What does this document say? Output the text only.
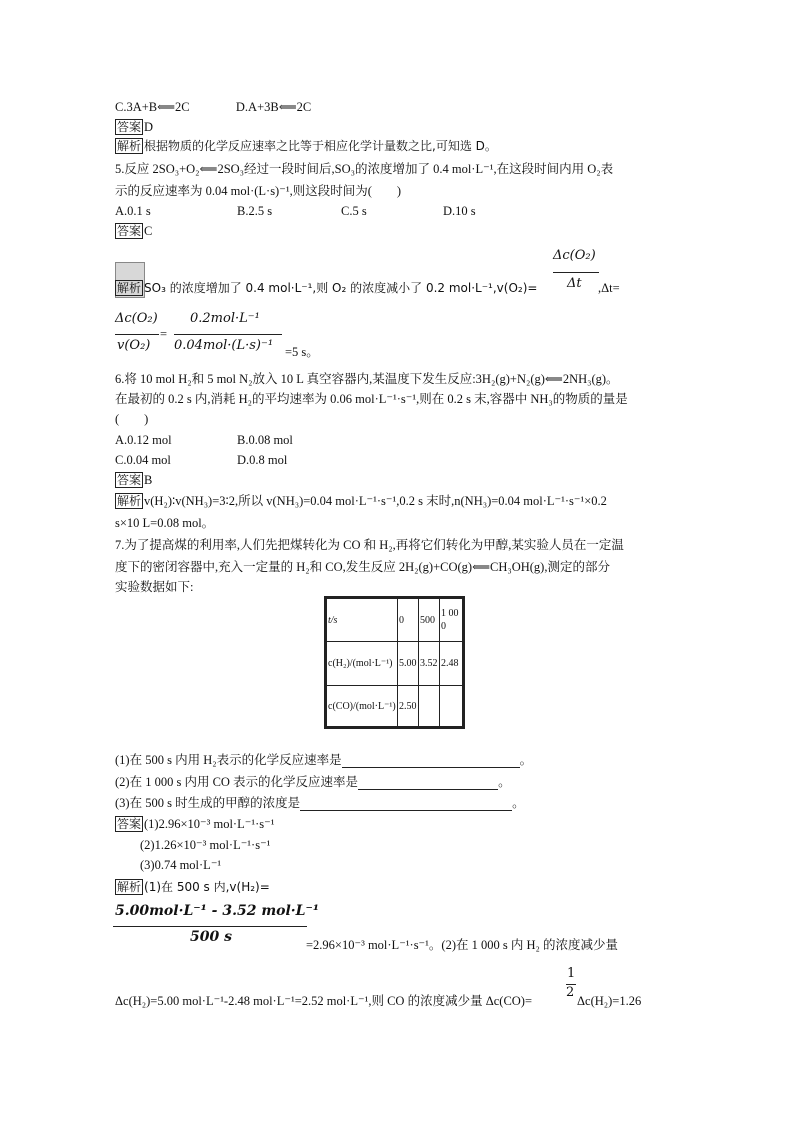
C.3A+B⟸2C	D.A+3B⟸2C
答案 D
解析 根据物质的化学反应速率之比等于相应化学计量数之比,可知选 D。
5.反应 2SO₃+O₂⟸2SO₃经过一段时间后,SO₃的浓度增加了 0.4 mol·L⁻¹,在这段时间内用 O₂表
示的反应速率为 0.04 mol·(L·s)⁻¹,则这段时间为(　　)
A.0.1 s	B.2.5 s	C.5 s	D.10 s
答案 C
解析 SO₃ 的浓度增加了 0.4 mol·L⁻¹,则 O₂ 的浓度减小了 0.2 mol·L⁻¹,v(O₂)=
Δc(O₂)
Δt ,Δt=
Δc(O₂)
v(O₂)
=
0.2mol·L⁻¹
0.04mol·(L·s)⁻¹ =5 s。
6.将 10 mol H₂和 5 mol N₂放入 10 L 真空容器内,某温度下发生反应:3H₂(g)+N₂(g)⟸2NH₃(g)。
在最初的 0.2 s 内,消耗 H₂的平均速率为 0.06 mol·L⁻¹·s⁻¹,则在 0.2 s 末,容器中 NH₃的物质的量是
(　　)
A.0.12 mol	B.0.08 mol
C.0.04 mol	D.0.8 mol
答案 B
解析 v(H₂)∶v(NH₃)=3∶2,所以 v(NH₃)=0.04 mol·L⁻¹·s⁻¹,0.2 s 末时,n(NH₃)=0.04 mol·L⁻¹·s⁻¹×0.2
s×10 L=0.08 mol。
7.为了提高煤的利用率,人们先把煤转化为 CO 和 H₂,再将它们转化为甲醇,某实验人员在一定温
度下的密闭容器中,充入一定量的 H₂和 CO,发生反应 2H₂(g)+CO(g)⟸CH₃OH(g),测定的部分
实验数据如下:
t/s	0	500	1 000
c(H₂)/(mol·L⁻¹)	5.00	3.52	2.48
c(CO)/(mol·L⁻¹)	2.50		
(1)在 500 s 内用 H₂表示的化学反应速率是	。
(2)在 1 000 s 内用 CO 表示的化学反应速率是	。
(3)在 500 s 时生成的甲醇的浓度是	。
答案 (1)2.96×10⁻³ mol·L⁻¹·s⁻¹
(2)1.26×10⁻³ mol·L⁻¹·s⁻¹
(3)0.74 mol·L⁻¹
解析 (1)在 500 s 内,v(H₂)=
5.00mol·L⁻¹ - 3.52 mol·L⁻¹
500 s	=2.96×10⁻³ mol·L⁻¹·s⁻¹。(2)在 1 000 s 内 H₂ 的浓度减少量
1
Δc(H₂)=5.00 mol·L⁻¹-2.48 mol·L⁻¹=2.52 mol·L⁻¹,则 CO 的浓度减少量 Δc(CO)=
2
Δc(H₂)=1.26
